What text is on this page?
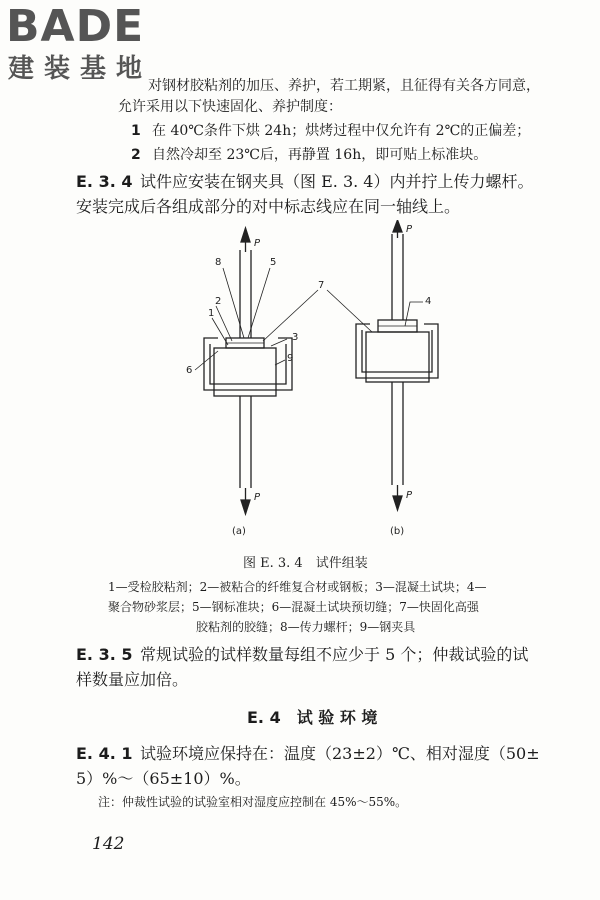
BADE
建装基地
对钢材胶粘剂的加压、养护，若工期紧，且征得有关各方同意，
允许采用以下快速固化、养护制度：
1 在 40℃条件下烘 24h；烘烤过程中仅允许有 2℃的正偏差；
2 自然冷却至 23℃后，再静置 16h，即可贴上标准块。
E. 3. 4 试件应安装在钢夹具（图 E. 3. 4）内并拧上传力螺杆。
安装完成后各组成部分的对中标志线应在同一轴线上。
P
8	5
2
1
3
9
6
7
P
(a)
P
4
P
(b)
图 E. 3. 4　试件组装
1—受检胶粘剂；2—被粘合的纤维复合材或钢板；3—混凝土试块；4—
聚合物砂浆层；5—钢标准块；6—混凝土试块预切缝；7—快固化高强
胶粘剂的胶缝；8—传力螺杆；9—钢夹具
E. 3. 5 常规试验的试样数量每组不应少于 5 个；仲裁试验的试
样数量应加倍。
E. 4　试 验 环 境
E. 4. 1 试验环境应保持在：温度（23±2）℃、相对湿度（50±
5）%～（65±10）%。
注：仲裁性试验的试验室相对湿度应控制在 45%～55%。
142
